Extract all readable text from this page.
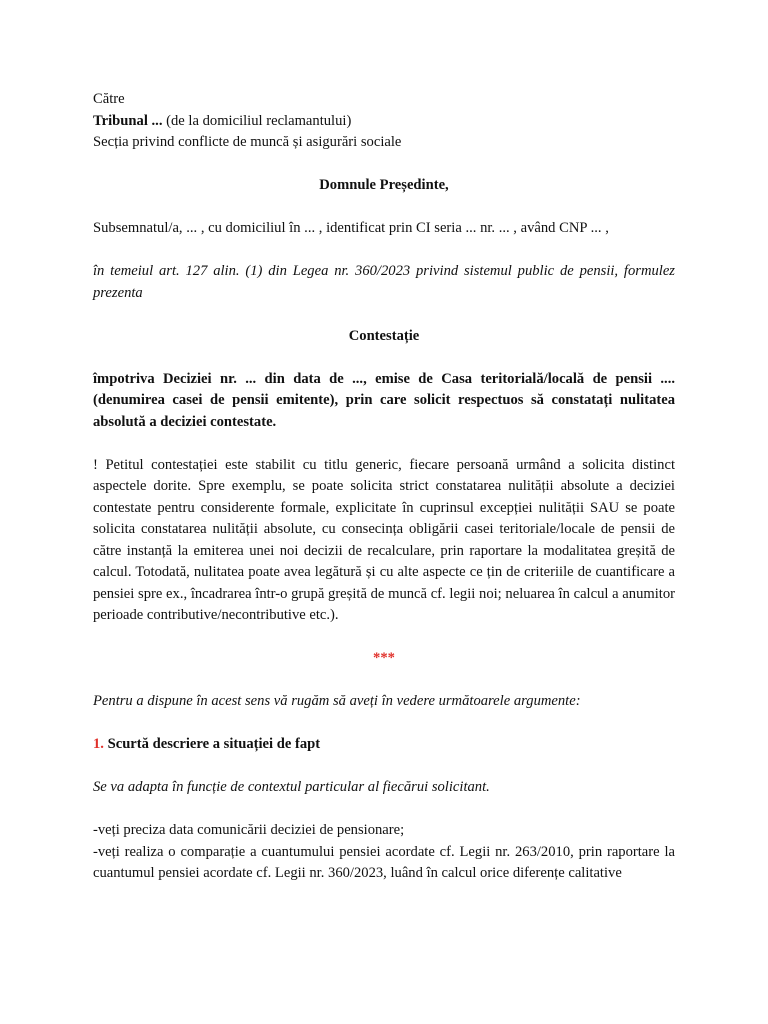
Către

Tribunal ... (de la domiciliul reclamantului)

Secția privind conflicte de muncă și asigurări sociale

Domnule Președinte,

Subsemnatul/a, ... , cu domiciliul în ... , identificat prin CI seria ... nr. ... , având CNP ... ,

în temeiul art. 127 alin. (1) din Legea nr. 360/2023 privind sistemul public de pensii, formulez prezenta

Contestație

împotriva Deciziei nr. ... din data de ..., emise de Casa teritorială/locală de pensii .... (denumirea casei de pensii emitente), prin care solicit respectuos să constatați nulitatea absolută a deciziei contestate.

! Petitul contestației este stabilit cu titlu generic, fiecare persoană urmând a solicita distinct aspectele dorite. Spre exemplu, se poate solicita strict constatarea nulității absolute a deciziei contestate pentru considerente formale, explicitate în cuprinsul excepției nulității SAU se poate solicita constatarea nulității absolute, cu consecința obligării casei teritoriale/locale de pensii de către instanță la emiterea unei noi decizii de recalculare, prin raportare la modalitatea greșită de calcul. Totodată, nulitatea poate avea legătură și cu alte aspecte ce țin de criteriile de cuantificare a pensiei spre ex., încadrarea într-o grupă greșită de muncă cf. legii noi; neluarea în calcul a anumitor perioade contributive/necontributive etc.).

***

Pentru a dispune în acest sens vă rugăm să aveți în vedere următoarele argumente:

1. Scurtă descriere a situației de fapt

Se va adapta în funcție de contextul particular al fiecărui solicitant.

-veți preciza data comunicării deciziei de pensionare;

-veți realiza o comparație a cuantumului pensiei acordate cf. Legii nr. 263/2010, prin raportare la cuantumul pensiei acordate cf. Legii nr. 360/2023, luând în calcul orice diferențe calitative
